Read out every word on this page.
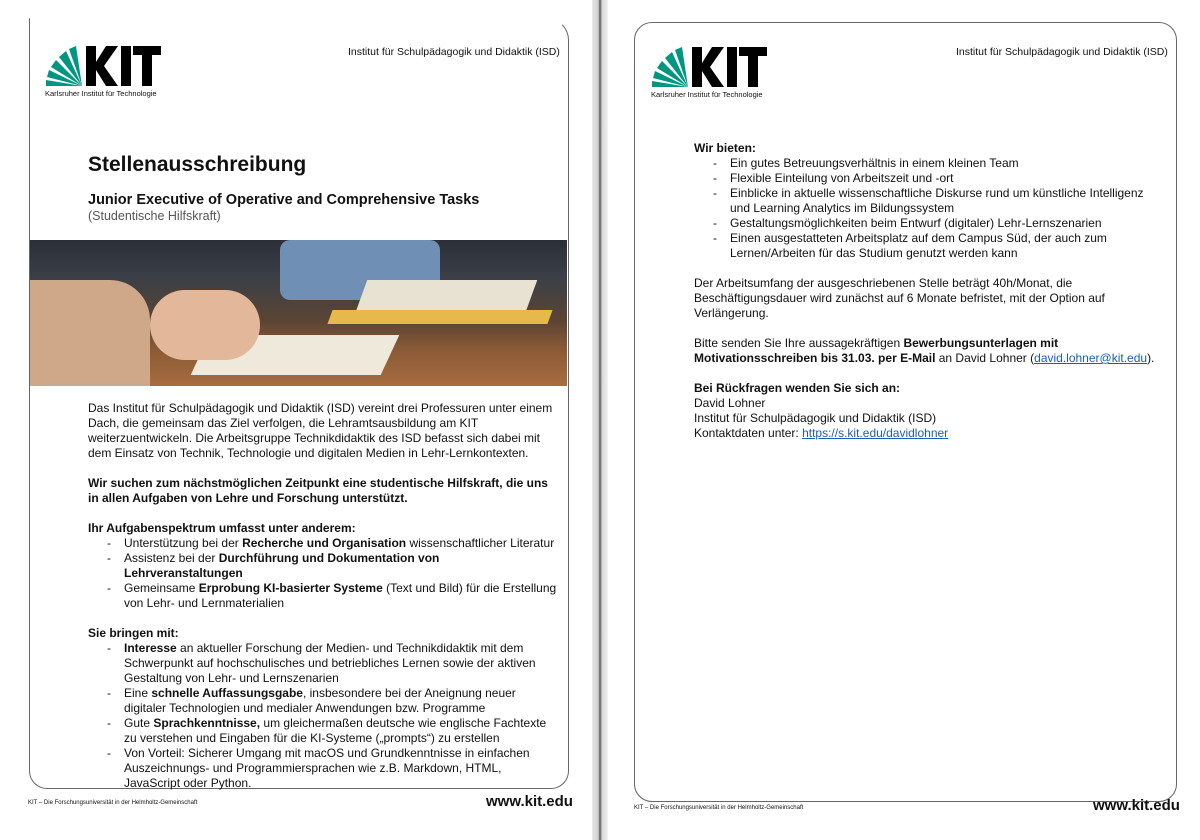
Karlsruher Institut für Technologie
Institut für Schulpädagogik und Didaktik (ISD)
Stellenausschreibung
Junior Executive of Operative and Comprehensive Tasks
(Studentische Hilfskraft)

Das Institut für Schulpädagogik und Didaktik (ISD) vereint drei Professuren unter einem Dach, die gemeinsam das Ziel verfolgen, die Lehramtsausbildung am KIT weiterzuentwickeln. Die Arbeitsgruppe Technikdidaktik des ISD befasst sich dabei mit dem Einsatz von Technik, Technologie und digitalen Medien in Lehr-Lernkontexten.

Wir suchen zum nächstmöglichen Zeitpunkt eine studentische Hilfskraft, die uns in allen Aufgaben von Lehre und Forschung unterstützt.

Ihr Aufgabenspektrum umfasst unter anderem:
- Unterstützung bei der Recherche und Organisation wissenschaftlicher Literatur
- Assistenz bei der Durchführung und Dokumentation von Lehrveranstaltungen
- Gemeinsame Erprobung KI-basierter Systeme (Text und Bild) für die Erstellung von Lehr- und Lernmaterialien
Sie bringen mit:
- Interesse an aktueller Forschung der Medien- und Technikdidaktik mit dem Schwerpunkt auf hochschulisches und betriebliches Lernen sowie der aktiven Gestaltung von Lehr- und Lernszenarien
- Eine schnelle Auffassungsgabe, insbesondere bei der Aneignung neuer digitaler Technologien und medialer Anwendungen bzw. Programme
- Gute Sprachkenntnisse, um gleichermaßen deutsche wie englische Fachtexte zu verstehen und Eingaben für die KI-Systeme („prompts“) zu erstellen
- Von Vorteil: Sicherer Umgang mit macOS und Grundkenntnisse in einfachen Auszeichnungs- und Programmiersprachen wie z.B. Markdown, HTML, JavaScript oder Python.
KIT – Die Forschungsuniversität in der Helmholtz-Gemeinschaft	www.kit.edu
Karlsruher Institut für Technologie
Institut für Schulpädagogik und Didaktik (ISD)
Wir bieten:
- Ein gutes Betreuungsverhältnis in einem kleinen Team
- Flexible Einteilung von Arbeitszeit und -ort
- Einblicke in aktuelle wissenschaftliche Diskurse rund um künstliche Intelligenz und Learning Analytics im Bildungssystem
- Gestaltungsmöglichkeiten beim Entwurf (digitaler) Lehr-Lernszenarien
- Einen ausgestatteten Arbeitsplatz auf dem Campus Süd, der auch zum Lernen/Arbeiten für das Studium genutzt werden kann

Der Arbeitsumfang der ausgeschriebenen Stelle beträgt 40h/Monat, die Beschäftigungsdauer wird zunächst auf 6 Monate befristet, mit der Option auf Verlängerung.

Bitte senden Sie Ihre aussagekräftigen Bewerbungsunterlagen mit Motivationsschreiben bis 31.03. per E-Mail an David Lohner (david.lohner@kit.edu).

Bei Rückfragen wenden Sie sich an:
David Lohner
Institut für Schulpädagogik und Didaktik (ISD)
Kontaktdaten unter: https://s.kit.edu/davidlohner
KIT – Die Forschungsuniversität in der Helmholtz-Gemeinschaft	www.kit.edu
